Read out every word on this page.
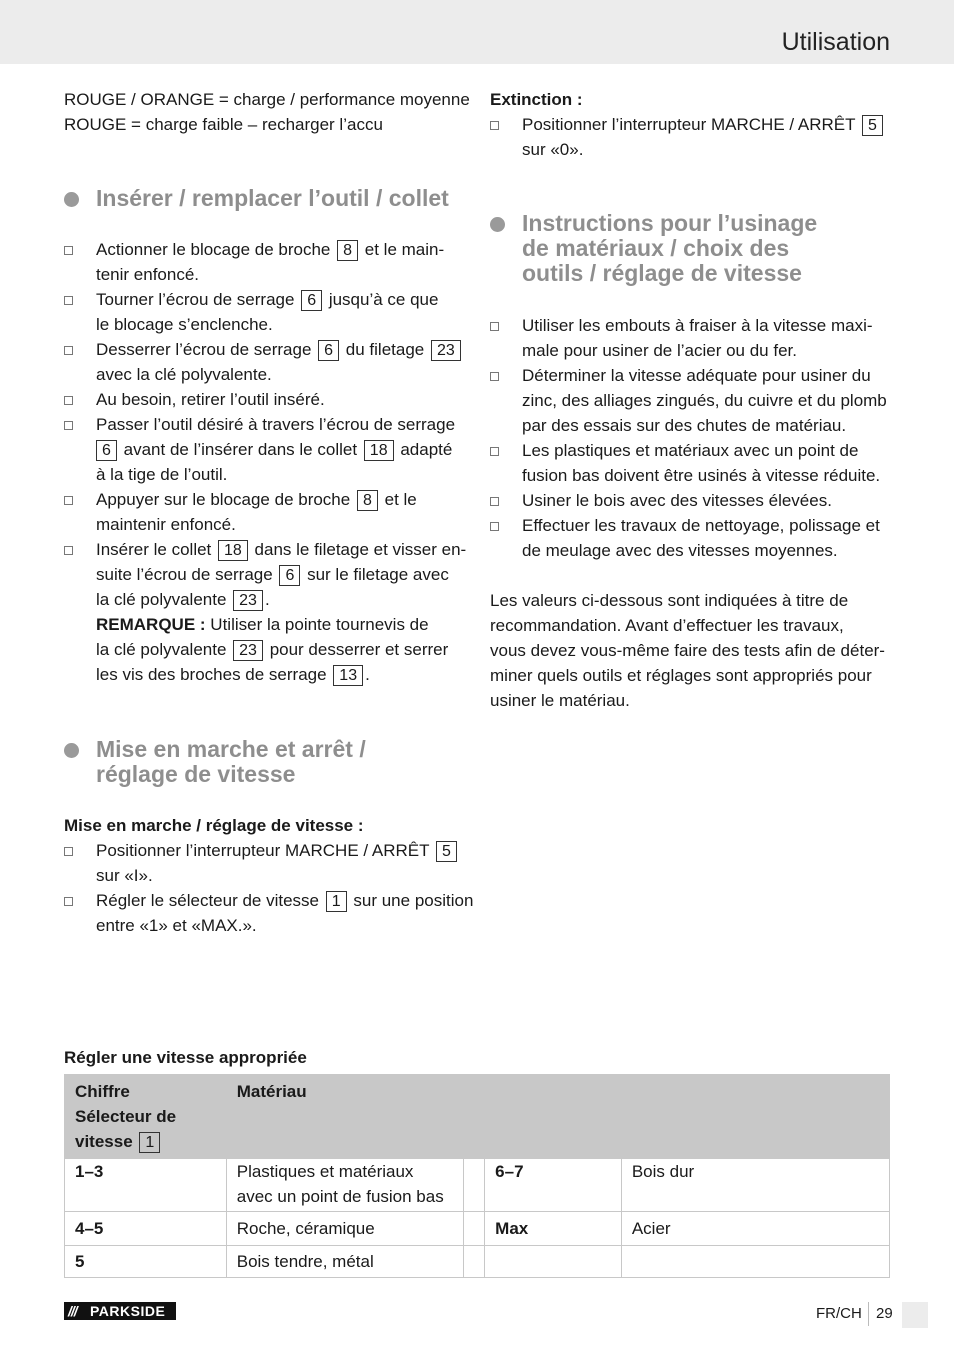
Utilisation
ROUGE / ORANGE = charge / performance moyenne
ROUGE = charge faible – recharger l’accu
Insérer / remplacer l’outil / collet
Actionner le blocage de broche 8 et le main-
tenir enfoncé.
Tourner l’écrou de serrage 6 jusqu’à ce que
le blocage s’enclenche.
Desserrer l’écrou de serrage 6 du filetage 23
avec la clé polyvalente.
Au besoin, retirer l’outil inséré.
Passer l’outil désiré à travers l’écrou de serrage
6 avant de l’insérer dans le collet 18 adapté
à la tige de l’outil.
Appuyer sur le blocage de broche 8 et le
maintenir enfoncé.
Insérer le collet 18 dans le filetage et visser en-
suite l’écrou de serrage 6 sur le filetage avec
la clé polyvalente 23 .
REMARQUE : Utiliser la pointe tournevis de
la clé polyvalente 23 pour desserrer et serrer
les vis des broches de serrage 13 .
Mise en marche et arrêt /
réglage de vitesse
Mise en marche / réglage de vitesse :
Positionner l’interrupteur MARCHE / ARRÊT 5
sur «I».
Régler le sélecteur de vitesse 1 sur une position
entre «1» et «MAX.».
Extinction :
Positionner l’interrupteur MARCHE / ARRÊT 5
sur «0».
Instructions pour l’usinage
de matériaux / choix des
outils / réglage de vitesse
Utiliser les embouts à fraiser à la vitesse maxi-
male pour usiner de l’acier ou du fer.
Déterminer la vitesse adéquate pour usiner du
zinc, des alliages zingués, du cuivre et du plomb
par des essais sur des chutes de matériau.
Les plastiques et matériaux avec un point de
fusion bas doivent être usinés à vitesse réduite.
Usiner le bois avec des vitesses élevées.
Effectuer les travaux de nettoyage, polissage et
de meulage avec des vitesses moyennes.
Les valeurs ci-dessous sont indiquées à titre de
recommandation. Avant d’effectuer les travaux,
vous devez vous-même faire des tests afin de déter-
miner quels outils et réglages sont appropriés pour
usiner le matériau.
Régler une vitesse appropriée
Chiffre
Sélecteur de
vitesse 1	Matériau			
1–3	Plastiques et matériaux
avec un point de fusion bas		6–7	Bois dur
4–5	Roche, céramique		Max	Acier
5	Bois tendre, métal			
/// PARKSIDE	FR/CH 29
